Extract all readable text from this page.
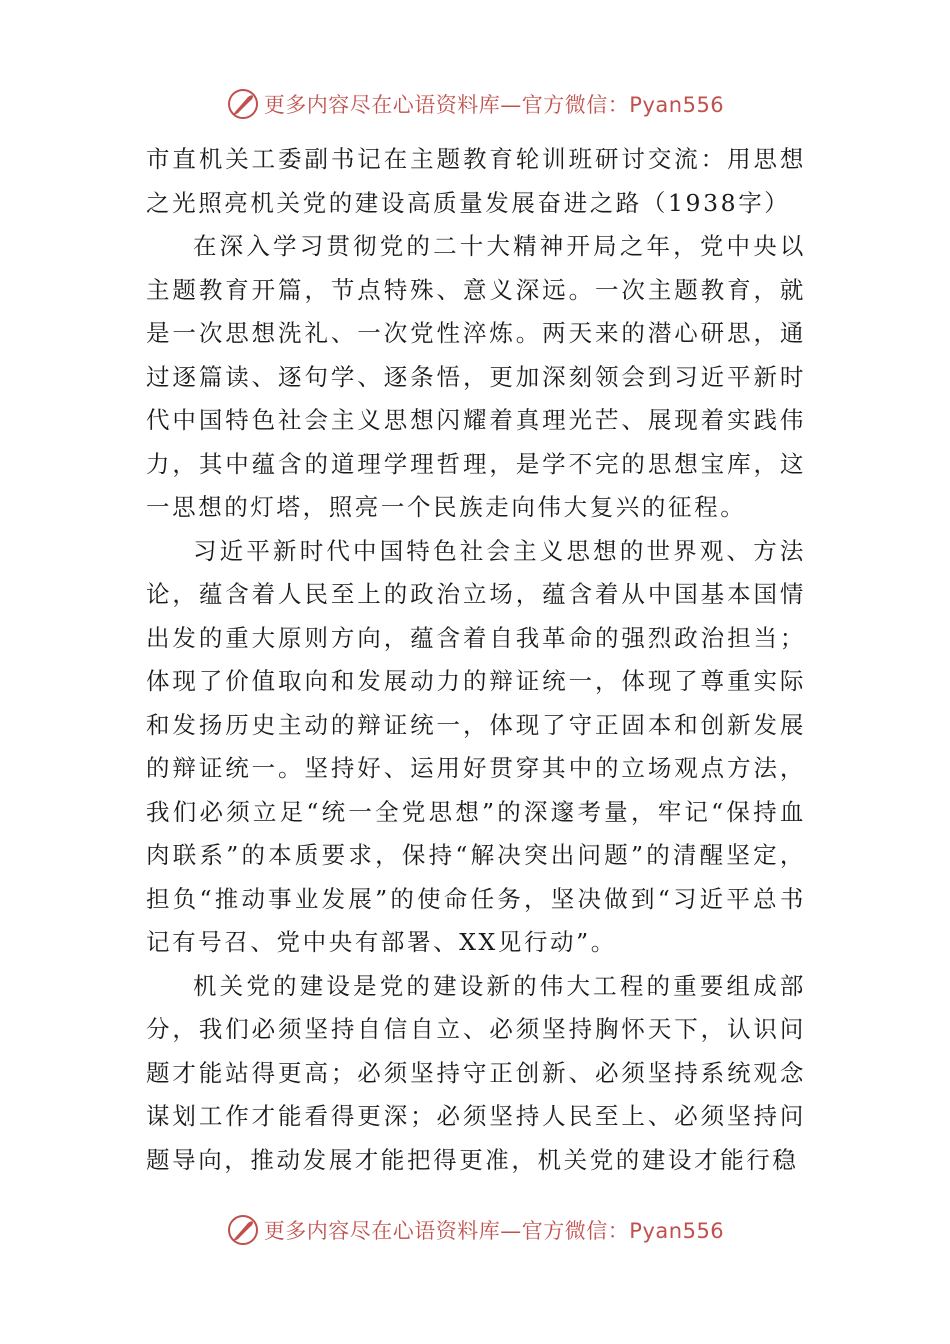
更多内容尽在心语资料库—官方微信：Pyan556
市直机关工委副书记在主题教育轮训班研讨交流：用思想之光照亮机关党的建设高质量发展奋进之路（1938字）

在深入学习贯彻党的二十大精神开局之年，党中央以主题教育开篇，节点特殊、意义深远。一次主题教育，就是一次思想洗礼、一次党性淬炼。两天来的潜心研思，通过逐篇读、逐句学、逐条悟，更加深刻领会到习近平新时代中国特色社会主义思想闪耀着真理光芒、展现着实践伟力，其中蕴含的道理学理哲理，是学不完的思想宝库，这一思想的灯塔，照亮一个民族走向伟大复兴的征程。

习近平新时代中国特色社会主义思想的世界观、方法论，蕴含着人民至上的政治立场，蕴含着从中国基本国情出发的重大原则方向，蕴含着自我革命的强烈政治担当；体现了价值取向和发展动力的辩证统一，体现了尊重实际和发扬历史主动的辩证统一，体现了守正固本和创新发展的辩证统一。坚持好、运用好贯穿其中的立场观点方法，我们必须立足“统一全党思想”的深邃考量，牢记“保持血肉联系”的本质要求，保持“解决突出问题”的清醒坚定，担负“推动事业发展”的使命任务，坚决做到“习近平总书记有号召、党中央有部署、XX见行动”。

机关党的建设是党的建设新的伟大工程的重要组成部分，我们必须坚持自信自立、必须坚持胸怀天下，认识问题才能站得更高；必须坚持守正创新、必须坚持系统观念谋划工作才能看得更深；必须坚持人民至上、必须坚持问题导向，推动发展才能把得更准，机关党的建设才能行稳

更多内容尽在心语资料库—官方微信：Pyan556
